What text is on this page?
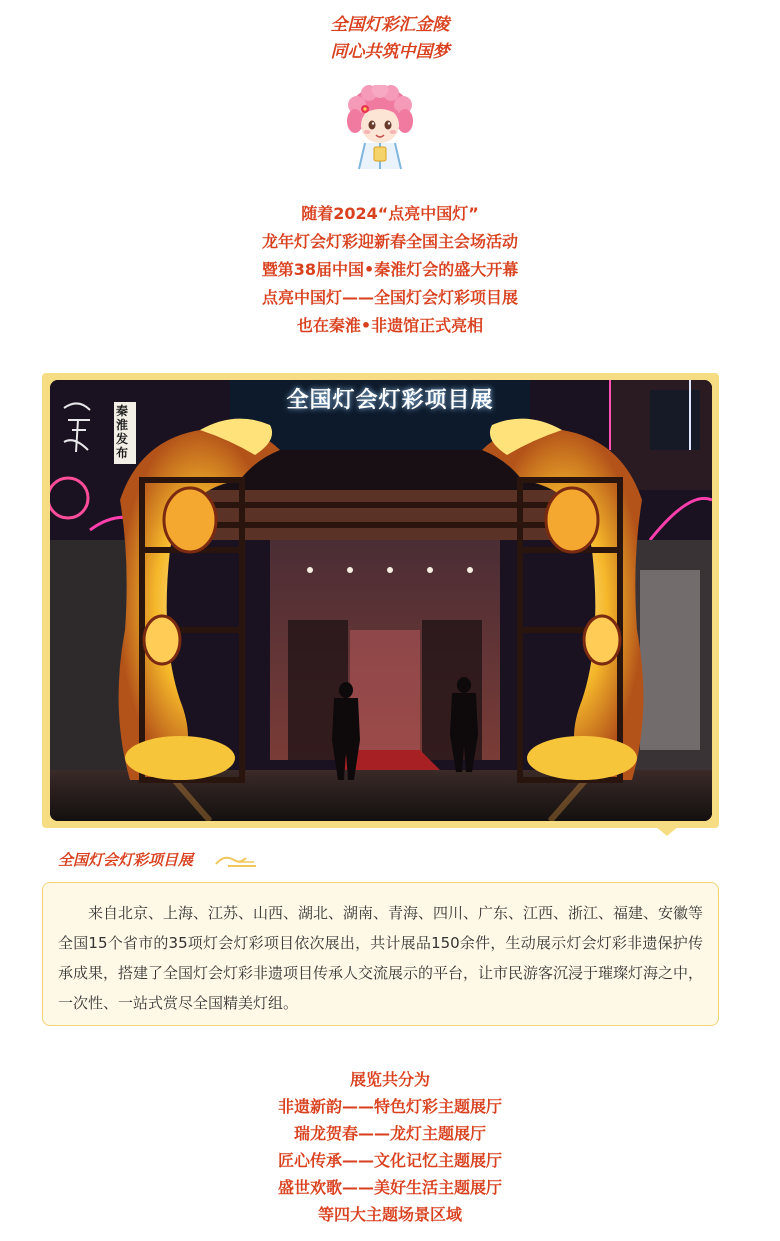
全国灯彩汇金陵
同心共筑中国梦
随着2024“点亮中国灯”
龙年灯会灯彩迎新春全国主会场活动
暨第38届中国•秦淮灯会的盛大开幕
点亮中国灯——全国灯会灯彩项目展
也在秦淮•非遗馆正式亮相
全国灯会灯彩项目展
秦淮发布
全国灯会灯彩项目展

来自北京、上海、江苏、山西、湖北、湖南、青海、四川、广东、江西、浙江、福建、安徽等全国15个省市的35项灯会灯彩项目依次展出，共计展品150余件，生动展示灯会灯彩非遗保护传承成果，搭建了全国灯会灯彩非遗项目传承人交流展示的平台，让市民游客沉浸于璀璨灯海之中，一次性、一站式赏尽全国精美灯组。

展览共分为
非遗新韵——特色灯彩主题展厅
瑞龙贺春——龙灯主题展厅
匠心传承——文化记忆主题展厅
盛世欢歌——美好生活主题展厅
等四大主题场景区域
